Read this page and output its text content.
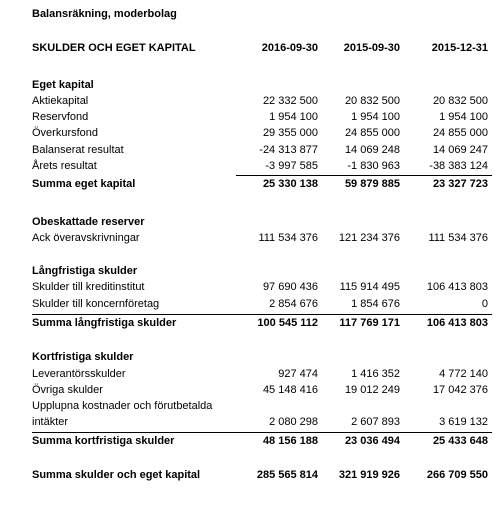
Balansräkning, moderbolag
SKULDER OCH EGET KAPITAL	2016-09-30	2015-09-30	2015-12-31
Eget kapital
Aktiekapital	22 332 500	20 832 500	20 832 500
Reservfond	1 954 100	1 954 100	1 954 100
Överkursfond	29 355 000	24 855 000	24 855 000
Balanserat resultat	-24 313 877	14 069 248	14 069 247
Årets resultat	-3 997 585	-1 830 963	-38 383 124
Summa eget kapital	25 330 138	59 879 885	23 327 723
Obeskattade reserver
Ack överavskrivningar	111 534 376	121 234 376	111 534 376
Långfristiga skulder
Skulder till kreditinstitut	97 690 436	115 914 495	106 413 803
Skulder till koncernföretag	2 854 676	1 854 676	0
Summa långfristiga skulder	100 545 112	117 769 171	106 413 803
Kortfristiga skulder
Leverantörsskulder	927 474	1 416 352	4 772 140
Övriga skulder	45 148 416	19 012 249	17 042 376
Upplupna kostnader och förutbetalda
intäkter	2 080 298	2 607 893	3 619 132
Summa kortfristiga skulder	48 156 188	23 036 494	25 433 648
Summa skulder och eget kapital	285 565 814	321 919 926	266 709 550
